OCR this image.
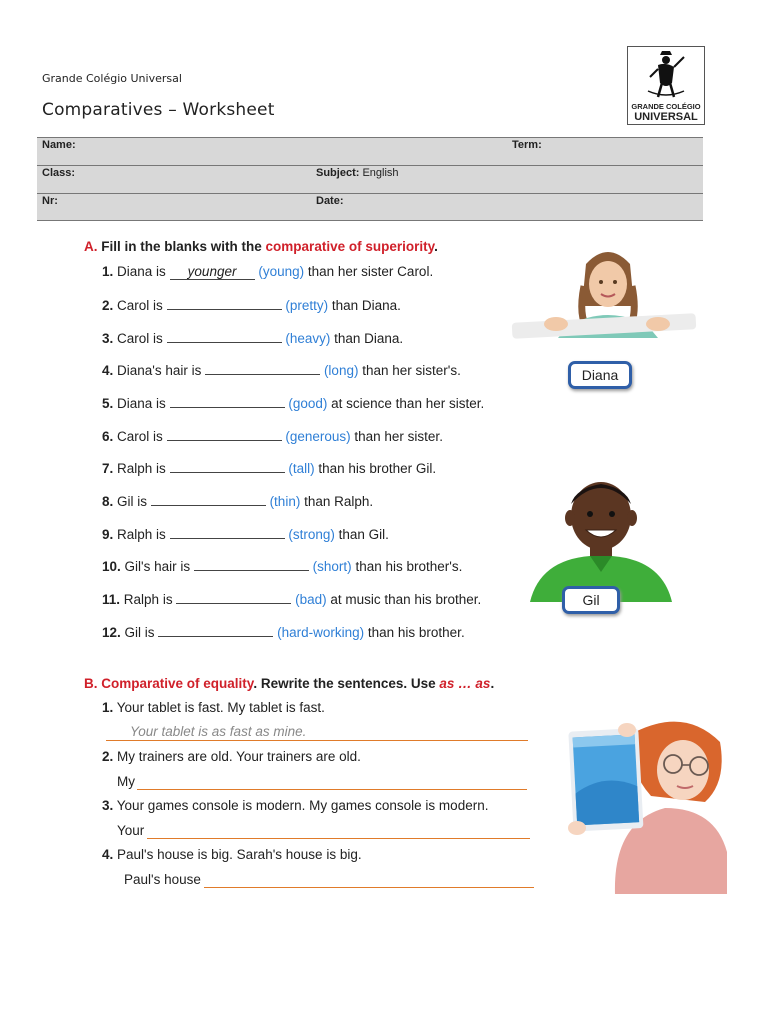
Grande Colégio Universal
Comparatives – Worksheet	GRANDE COLÉGIO
UNIVERSAL
Name:	Term:
Class:	Subject: English
Nr:	Date:
A. Fill in the blanks with the comparative of superiority.
1. Diana is younger (young) than her sister Carol.
2. Carol is	(pretty) than Diana.
3. Carol is	(heavy) than Diana.
4. Diana's hair is	(long) than her sister's.
5. Diana is	(good) at science than her sister.
6. Carol is	(generous) than her sister.
7. Ralph is	(tall) than his brother Gil.
8. Gil is	(thin) than Ralph.
9. Ralph is	(strong) than Gil.
10. Gil's hair is	(short) than his brother's.
11. Ralph is	(bad) at music than his brother.
12. Gil is	(hard-working) than his brother.
B. Comparative of equality. Rewrite the sentences. Use as … as.
1. Your tablet is fast. My tablet is fast.
Your tablet is as fast as mine.
2. My trainers are old. Your trainers are old.
My
3. Your games console is modern. My games console is modern.
Your
4. Paul's house is big. Sarah's house is big.
Paul's house
Diana
Gil
